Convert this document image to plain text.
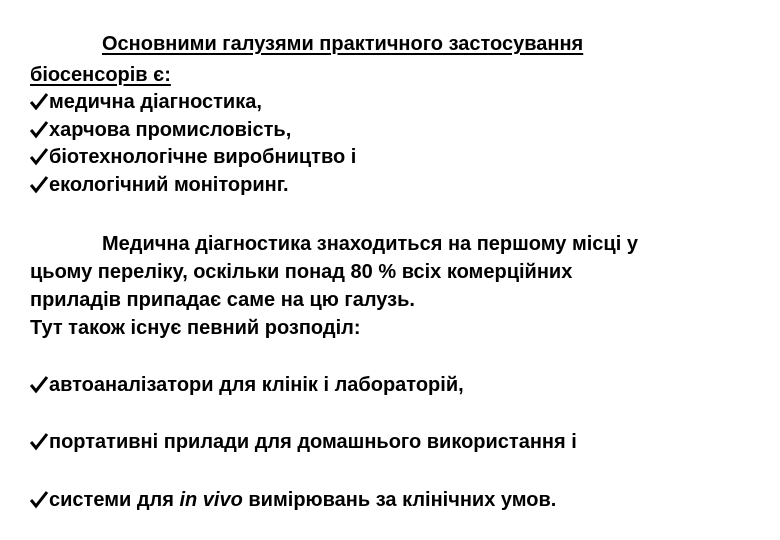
Основними галузями практичного застосування
біосенсорів є:
медична діагностика,
харчова промисловість,
біотехнологічне виробництво і
екологічний моніторинг.
Медична діагностика знаходиться на першому місці у
цьому переліку, оскільки понад 80 % всіх комерційних
приладів припадає саме на цю галузь.
Тут також існує певний розподіл:
автоаналізатори для клінік і лабораторій,
портативні прилади для домашнього використання і
системи для in vivo вимірювань за клінічних умов.
